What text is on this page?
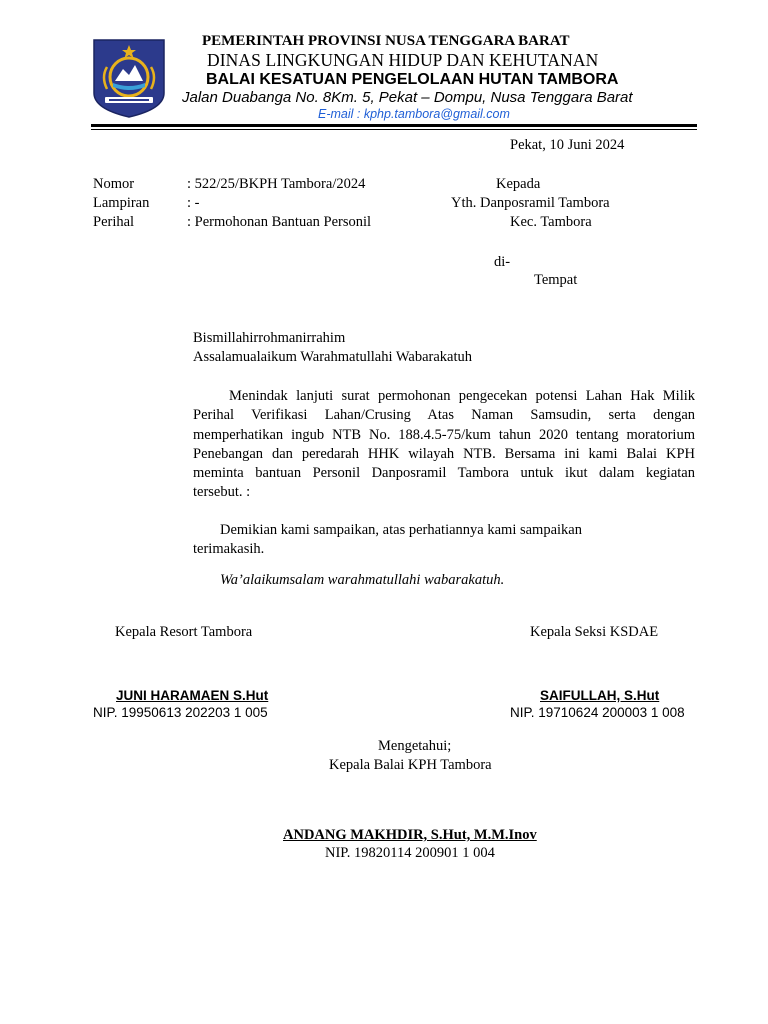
PEMERINTAH PROVINSI NUSA TENGGARA BARAT
DINAS LINGKUNGAN HIDUP DAN KEHUTANAN
BALAI KESATUAN PENGELOLAAN HUTAN TAMBORA
Jalan Duabanga No. 8Km. 5, Pekat – Dompu, Nusa Tenggara Barat
E-mail : kphp.tambora@gmail.com
Pekat, 10 Juni 2024
Nomor	: 522/25/BKPH Tambora/2024
Lampiran	: -
Perihal	: Permohonan Bantuan Personil
Kepada
Yth. Danposramil Tambora
Kec. Tambora
di-
Tempat
Bismillahirrohmanirrahim
Assalamualaikum Warahmatullahi Wabarakatuh
Menindak lanjuti surat permohonan pengecekan potensi Lahan Hak Milik
Perihal Verifikasi Lahan/Crusing Atas Naman Samsudin, serta dengan
memperhatikan ingub NTB No. 188.4.5-75/kum tahun 2020 tentang moratorium
Penebangan dan peredarah HHK wilayah NTB. Bersama ini kami Balai KPH
meminta bantuan Personil Danposramil Tambora untuk ikut dalam kegiatan
tersebut. :
Demikian kami sampaikan, atas perhatiannya kami sampaikan
terimakasih.
Wa’alaikumsalam warahmatullahi wabarakatuh.
Kepala Resort Tambora	Kepala Seksi KSDAE
JUNI HARAMAEN S.Hut
NIP. 19950613 202203 1 005
SAIFULLAH, S.Hut
NIP. 19710624 200003 1 008
Mengetahui;
Kepala Balai KPH Tambora
ANDANG MAKHDIR, S.Hut, M.M.Inov
NIP. 19820114 200901 1 004
